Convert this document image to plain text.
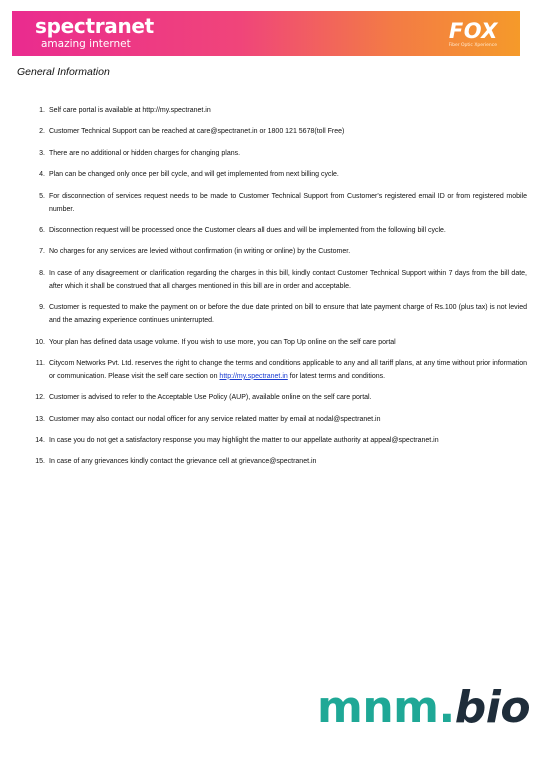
spectranet
amazing internet
FOX
Fiber Optic Xperience
General Information
1. Self care portal is available at http://my.spectranet.in
2. Customer Technical Support can be reached at care@spectranet.in or 1800 121 5678(toll Free)
3. There are no additional or hidden charges for changing plans.
4. Plan can be changed only once per bill cycle, and will get implemented from next billing cycle.
5. For disconnection of services request needs to be made to Customer Technical Support from Customer's registered email ID or from registered mobile number.
6. Disconnection request will be processed once the Customer clears all dues and will be implemented from the following bill cycle.
7. No charges for any services are levied without confirmation (in writing or online) by the Customer.
8. In case of any disagreement or clarification regarding the charges in this bill, kindly contact Customer Technical Support within 7 days from the bill date, after which it shall be construed that all charges mentioned in this bill are in order and acceptable.
9. Customer is requested to make the payment on or before the due date printed on bill to ensure that late payment charge of Rs.100 (plus tax) is not levied and the amazing experience continues uninterrupted.
10. Your plan has defined data usage volume. If you wish to use more, you can Top Up online on the self care portal
11. Citycom Networks Pvt. Ltd. reserves the right to change the terms and conditions applicable to any and all tariff plans, at any time without prior information or communication. Please visit the self care section on http://my.spectranet.in for latest terms and conditions.
12. Customer is advised to refer to the Acceptable Use Policy (AUP), available online on the self care portal.
13. Customer may also contact our nodal officer for any service related matter by email at nodal@spectranet.in
14. In case you do not get a satisfactory response you may highlight the matter to our appellate authority at appeal@spectranet.in
15. In case of any grievances kindly contact the grievance cell at grievance@spectranet.in
mnm.bio
